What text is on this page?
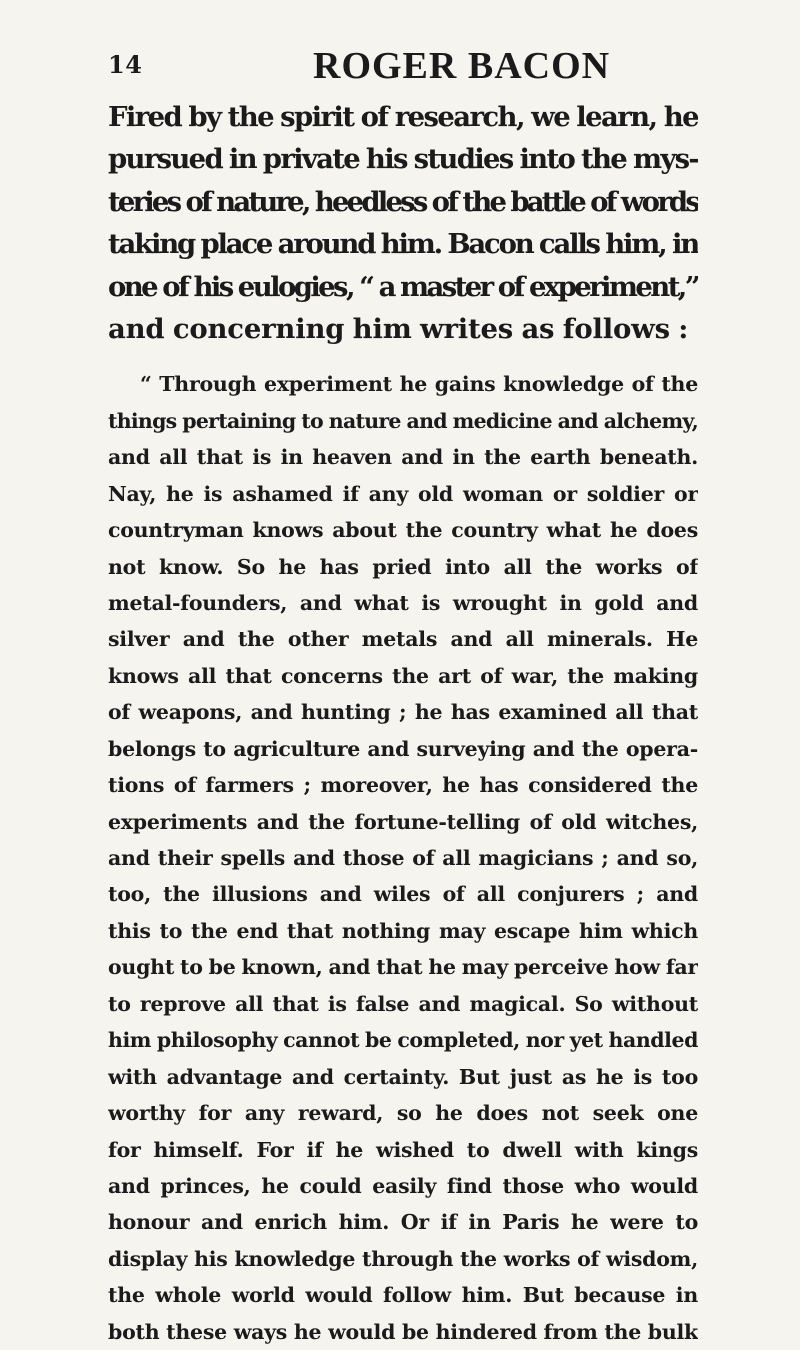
14	ROGER BACON
Fired by the spirit of research, we learn, he
pursued in private his studies into the mys-
teries of nature, heedless of the battle of words
taking place around him. Bacon calls him, in
one of his eulogies, “ a master of experiment,”
and concerning him writes as follows :
“ Through experiment he gains knowledge of the
things pertaining to nature and medicine and alchemy,
and all that is in heaven and in the earth beneath.
Nay, he is ashamed if any old woman or soldier or
countryman knows about the country what he does
not know. So he has pried into all the works of
metal-founders, and what is wrought in gold and
silver and the other metals and all minerals. He
knows all that concerns the art of war, the making
of weapons, and hunting ; he has examined all that
belongs to agriculture and surveying and the opera-
tions of farmers ; moreover, he has considered the
experiments and the fortune-telling of old witches,
and their spells and those of all magicians ; and so,
too, the illusions and wiles of all conjurers ; and
this to the end that nothing may escape him which
ought to be known, and that he may perceive how far
to reprove all that is false and magical. So without
him philosophy cannot be completed, nor yet handled
with advantage and certainty. But just as he is too
worthy for any reward, so he does not seek one
for himself. For if he wished to dwell with kings
and princes, he could easily find those who would
honour and enrich him. Or if in Paris he were to
display his knowledge through the works of wisdom,
the whole world would follow him. But because in
both these ways he would be hindered from the bulk
